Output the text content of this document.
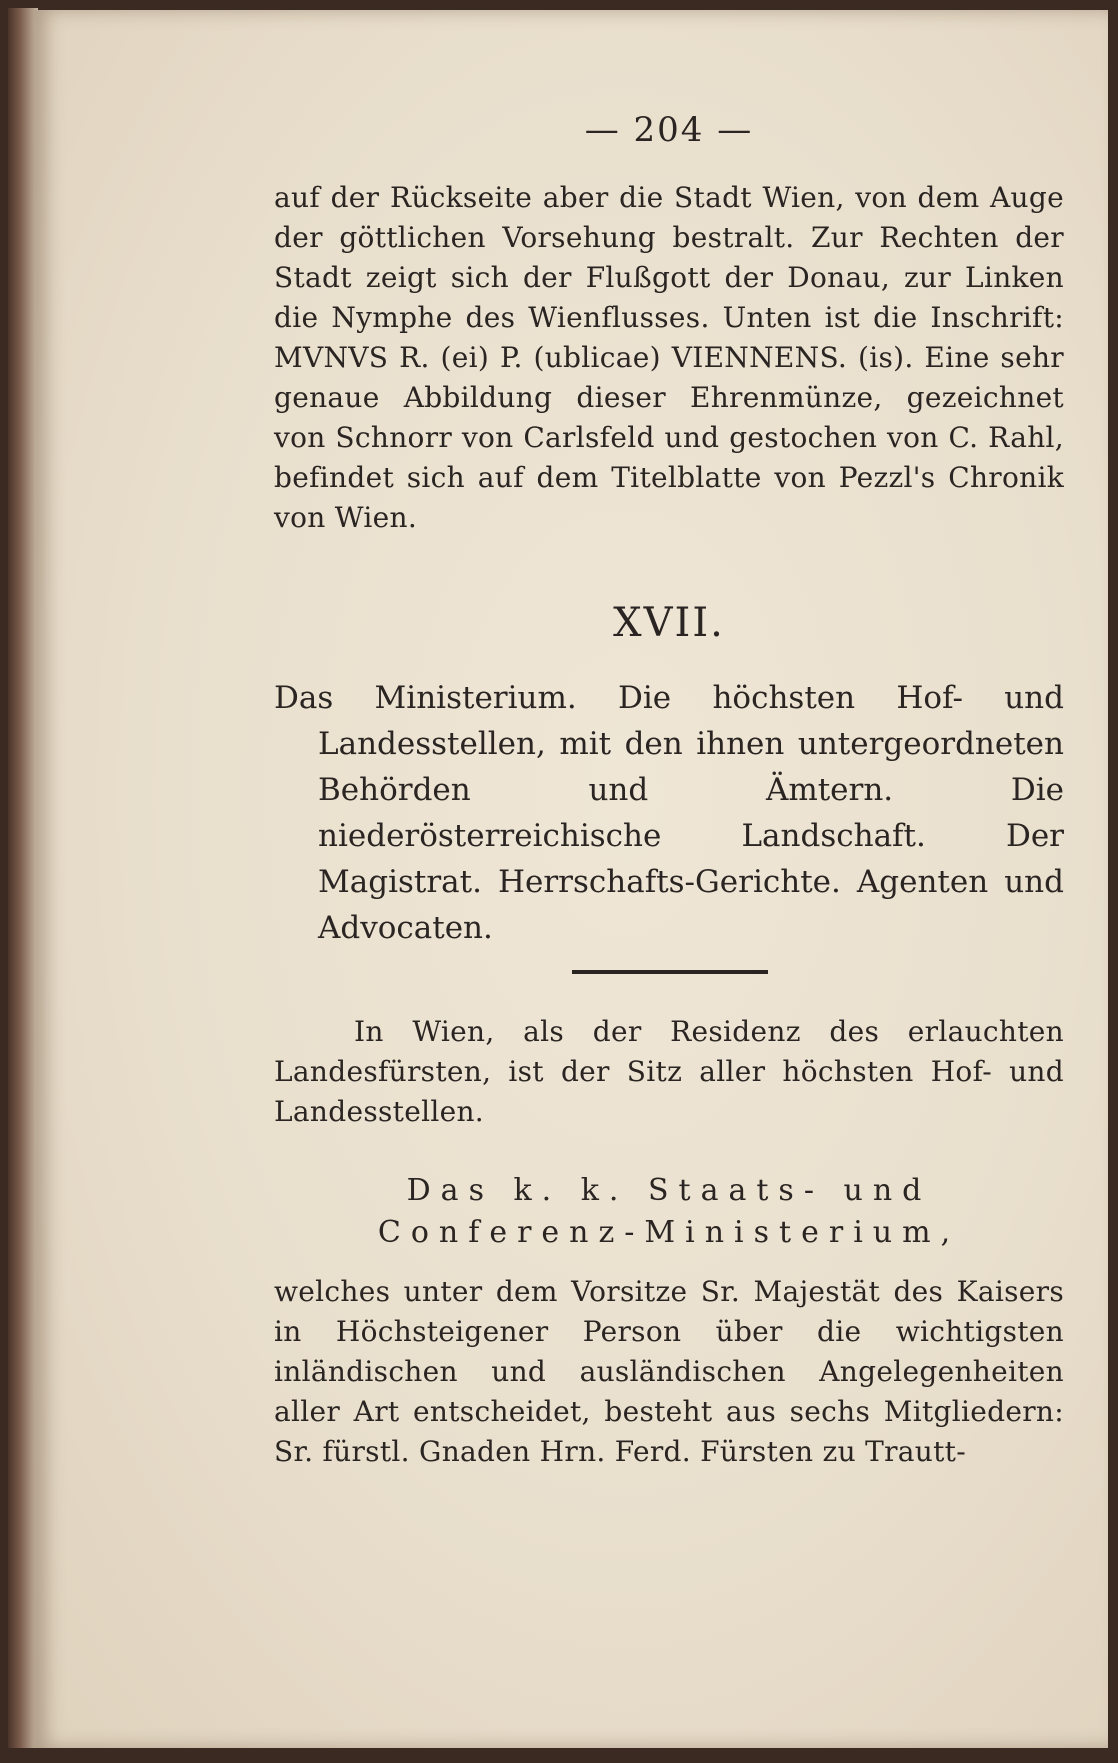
— 204 —

auf der Rückseite aber die Stadt Wien, von dem Auge der göttlichen Vorsehung bestralt. Zur Rechten der Stadt zeigt sich der Flußgott der Donau, zur Linken die Nymphe des Wienflusses. Unten ist die Inschrift: MVNVS R. (ei) P. (ublicae) VIENNENS. (is). Eine sehr genaue Abbildung dieser Ehrenmünze, gezeichnet von Schnorr von Carlsfeld und gestochen von C. Rahl, befindet sich auf dem Titelblatte von Pezzl's Chronik von Wien.

XVII.
Das Ministerium. Die höchsten Hof- und Landesstellen, mit den ihnen untergeordneten Behörden und Ämtern. Die niederösterreichische Landschaft. Der Magistrat. Herrschafts-Gerichte. Agenten und Advocaten.

In Wien, als der Residenz des erlauchten Landesfürsten, ist der Sitz aller höchsten Hof- und Landesstellen.

Das k. k. Staats- und Conferenz-Ministerium,

welches unter dem Vorsitze Sr. Majestät des Kaisers in Höchsteigener Person über die wichtigsten inländischen und ausländischen Angelegenheiten aller Art entscheidet, besteht aus sechs Mitgliedern: Sr. fürstl. Gnaden Hrn. Ferd. Fürsten zu Trautt-
